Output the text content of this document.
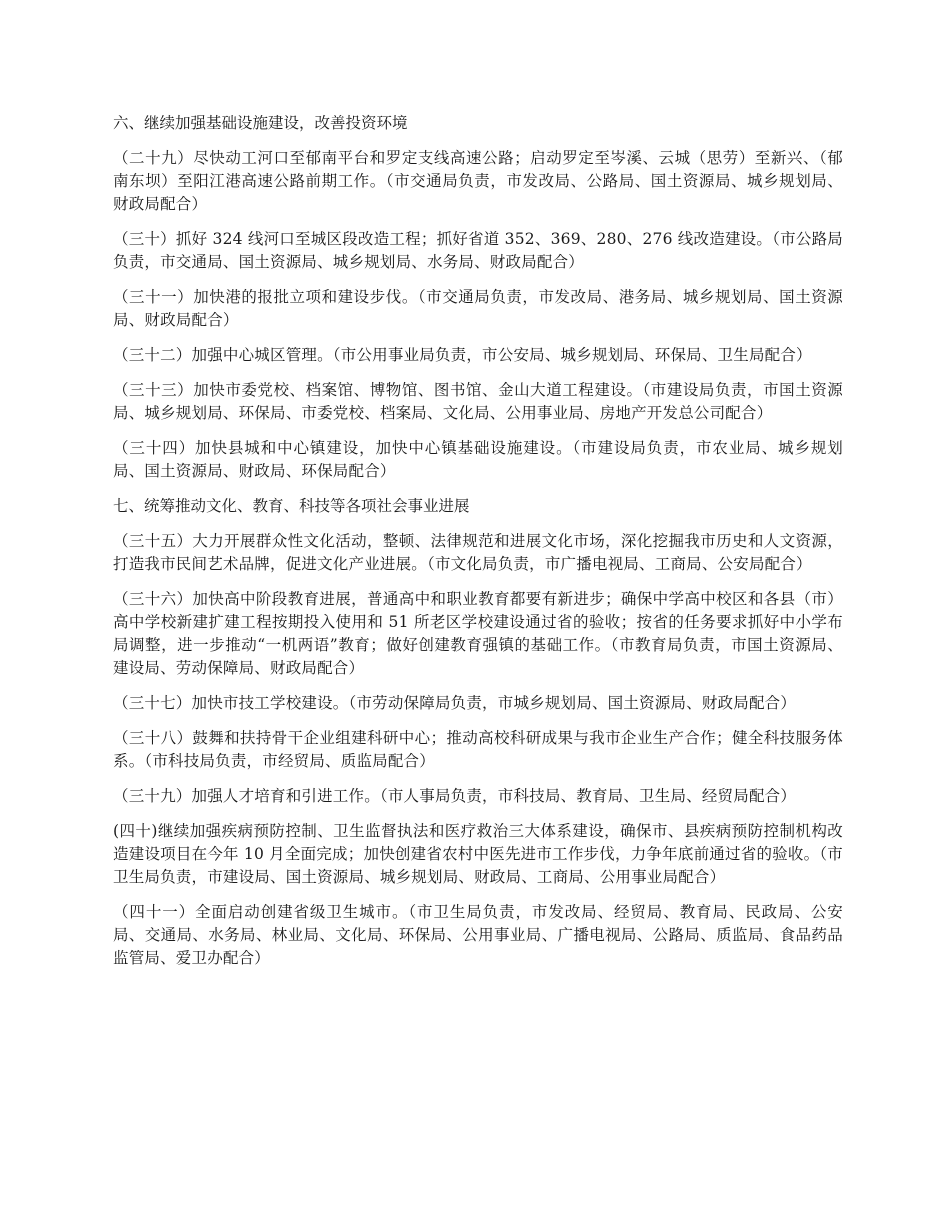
六、继续加强基础设施建设，改善投资环境

（二十九）尽快动工河口至郁南平台和罗定支线高速公路；启动罗定至岑溪、云城（思劳）至新兴、（郁南东坝）至阳江港高速公路前期工作。（市交通局负责，市发改局、公路局、国土资源局、城乡规划局、财政局配合）

（三十）抓好 324 线河口至城区段改造工程；抓好省道 352、369、280、276 线改造建设。（市公路局负责，市交通局、国土资源局、城乡规划局、水务局、财政局配合）

（三十一）加快港的报批立项和建设步伐。（市交通局负责，市发改局、港务局、城乡规划局、国土资源局、财政局配合）

（三十二）加强中心城区管理。（市公用事业局负责，市公安局、城乡规划局、环保局、卫生局配合）

（三十三）加快市委党校、档案馆、博物馆、图书馆、金山大道工程建设。（市建设局负责，市国土资源局、城乡规划局、环保局、市委党校、档案局、文化局、公用事业局、房地产开发总公司配合）

（三十四）加快县城和中心镇建设，加快中心镇基础设施建设。（市建设局负责，市农业局、城乡规划局、国土资源局、财政局、环保局配合）

七、统筹推动文化、教育、科技等各项社会事业进展

（三十五）大力开展群众性文化活动，整顿、法律规范和进展文化市场，深化挖掘我市历史和人文资源，打造我市民间艺术品牌，促进文化产业进展。（市文化局负责，市广播电视局、工商局、公安局配合）

（三十六）加快高中阶段教育进展，普通高中和职业教育都要有新进步；确保中学高中校区和各县（市）高中学校新建扩建工程按期投入使用和 51 所老区学校建设通过省的验收；按省的任务要求抓好中小学布局调整，进一步推动“一机两语”教育；做好创建教育强镇的基础工作。（市教育局负责，市国土资源局、建设局、劳动保障局、财政局配合）

（三十七）加快市技工学校建设。（市劳动保障局负责，市城乡规划局、国土资源局、财政局配合）

（三十八）鼓舞和扶持骨干企业组建科研中心；推动高校科研成果与我市企业生产合作；健全科技服务体系。（市科技局负责，市经贸局、质监局配合）

（三十九）加强人才培育和引进工作。（市人事局负责，市科技局、教育局、卫生局、经贸局配合）

(四十)继续加强疾病预防控制、卫生监督执法和医疗救治三大体系建设，确保市、县疾病预防控制机构改造建设项目在今年 10 月全面完成；加快创建省农村中医先进市工作步伐，力争年底前通过省的验收。（市卫生局负责，市建设局、国土资源局、城乡规划局、财政局、工商局、公用事业局配合）

（四十一）全面启动创建省级卫生城市。（市卫生局负责，市发改局、经贸局、教育局、民政局、公安局、交通局、水务局、林业局、文化局、环保局、公用事业局、广播电视局、公路局、质监局、食品药品监管局、爱卫办配合）
